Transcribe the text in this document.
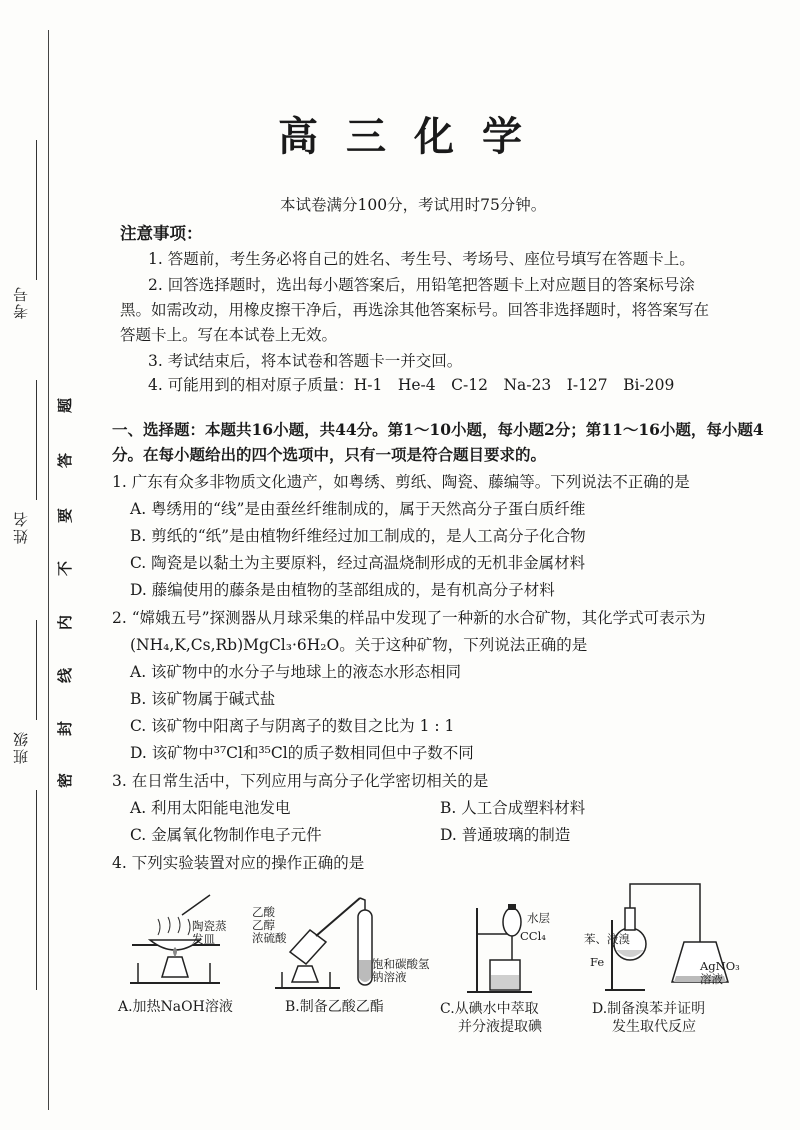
考号
姓名
班级
题
答
要
不
内
线
封
密
高三化学
本试卷满分100分，考试用时75分钟。
注意事项：
1. 答题前，考生务必将自己的姓名、考生号、考场号、座位号填写在答题卡上。
2. 回答选择题时，选出每小题答案后，用铅笔把答题卡上对应题目的答案标号涂
黑。如需改动，用橡皮擦干净后，再选涂其他答案标号。回答非选择题时，将答案写在
答题卡上。写在本试卷上无效。
3. 考试结束后，将本试卷和答题卡一并交回。
4. 可能用到的相对原子质量：H-1　He-4　C-12　Na-23　I-127　Bi-209
一、选择题：本题共16小题，共44分。第1～10小题，每小题2分；第11～16小题，每小题4
分。在每小题给出的四个选项中，只有一项是符合题目要求的。
1. 广东有众多非物质文化遗产，如粤绣、剪纸、陶瓷、藤编等。下列说法不正确的是
A. 粤绣用的“线”是由蚕丝纤维制成的，属于天然高分子蛋白质纤维
B. 剪纸的“纸”是由植物纤维经过加工制成的，是人工高分子化合物
C. 陶瓷是以黏土为主要原料，经过高温烧制形成的无机非金属材料
D. 藤编使用的藤条是由植物的茎部组成的，是有机高分子材料
2. “嫦娥五号”探测器从月球采集的样品中发现了一种新的水合矿物，其化学式可表示为
(NH₄,K,Cs,Rb)MgCl₃·6H₂O。关于这种矿物，下列说法正确的是
A. 该矿物中的水分子与地球上的液态水形态相同
B. 该矿物属于碱式盐
C. 该矿物中阳离子与阴离子的数目之比为 1 : 1
D. 该矿物中³⁷Cl和³⁵Cl的质子数相同但中子数不同
3. 在日常生活中，下列应用与高分子化学密切相关的是
A. 利用太阳能电池发电	B. 人工合成塑料材料
C. 金属氧化物制作电子元件	D. 普通玻璃的制造
4. 下列实验装置对应的操作正确的是
陶瓷蒸
发皿
A.加热NaOH溶液
乙酸
乙醇
浓硫酸
饱和碳酸氢
钠溶液
B.制备乙酸乙酯
水层
CCl₄
C.从碘水中萃取
并分液提取碘
苯、液溴
Fe	AgNO₃
溶液
D.制备溴苯并证明
发生取代反应
